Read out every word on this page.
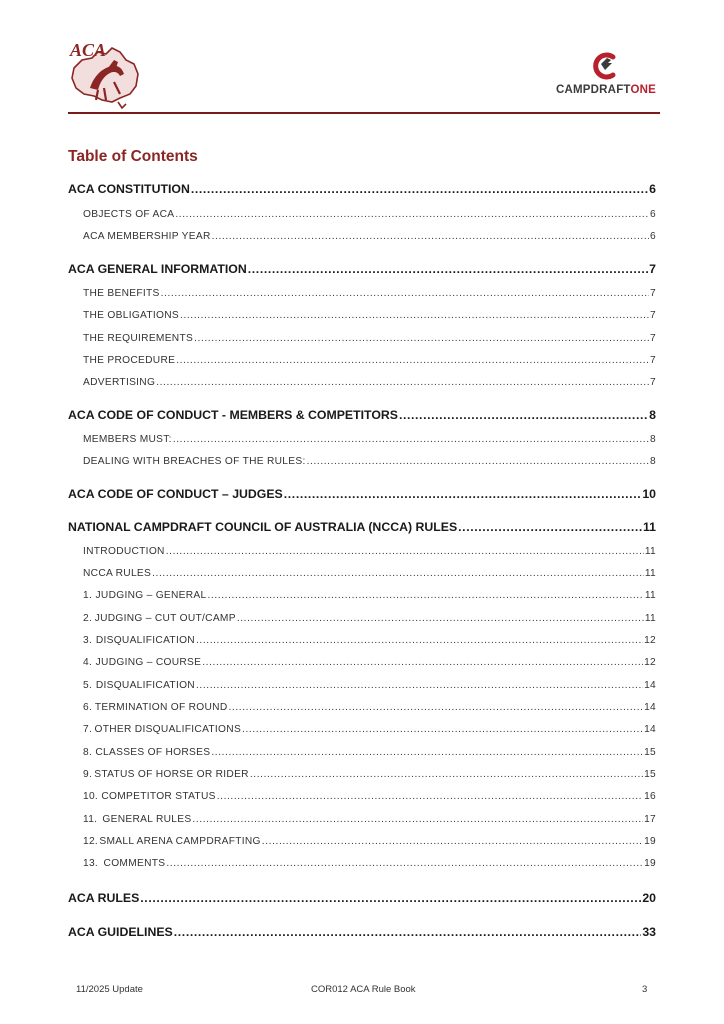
ACA
CAMPDRAFTONE
Table of Contents
ACA CONSTITUTION .....	6
OBJECTS OF ACA .....	6
ACA MEMBERSHIP YEAR .....	6
ACA GENERAL INFORMATION .....	7
THE BENEFITS .....	7
THE OBLIGATIONS .....	7
THE REQUIREMENTS .....	7
THE PROCEDURE .....	7
ADVERTISING .....	7
ACA CODE OF CONDUCT - MEMBERS & COMPETITORS .....	8
MEMBERS MUST: .....	8
DEALING WITH BREACHES OF THE RULES: .....	8
ACA CODE OF CONDUCT – JUDGES .....	10
NATIONAL CAMPDRAFT COUNCIL OF AUSTRALIA (NCCA) RULES .....	11
INTRODUCTION .....	11
NCCA RULES .....	11
1. JUDGING – GENERAL .....	11
2. JUDGING – CUT OUT/CAMP .....	11
3. DISQUALIFICATION .....	12
4. JUDGING – COURSE .....	12
5. DISQUALIFICATION .....	14
6. TERMINATION OF ROUND .....	14
7. OTHER DISQUALIFICATIONS .....	14
8. CLASSES OF HORSES .....	15
9. STATUS OF HORSE OR RIDER .....	15
10. COMPETITOR STATUS .....	16
11. GENERAL RULES .....	17
12. SMALL ARENA CAMPDRAFTING .....	19
13. COMMENTS .....	19
ACA RULES .....	20
ACA GUIDELINES .....	33
11/2025 Update	COR012 ACA Rule Book	3
